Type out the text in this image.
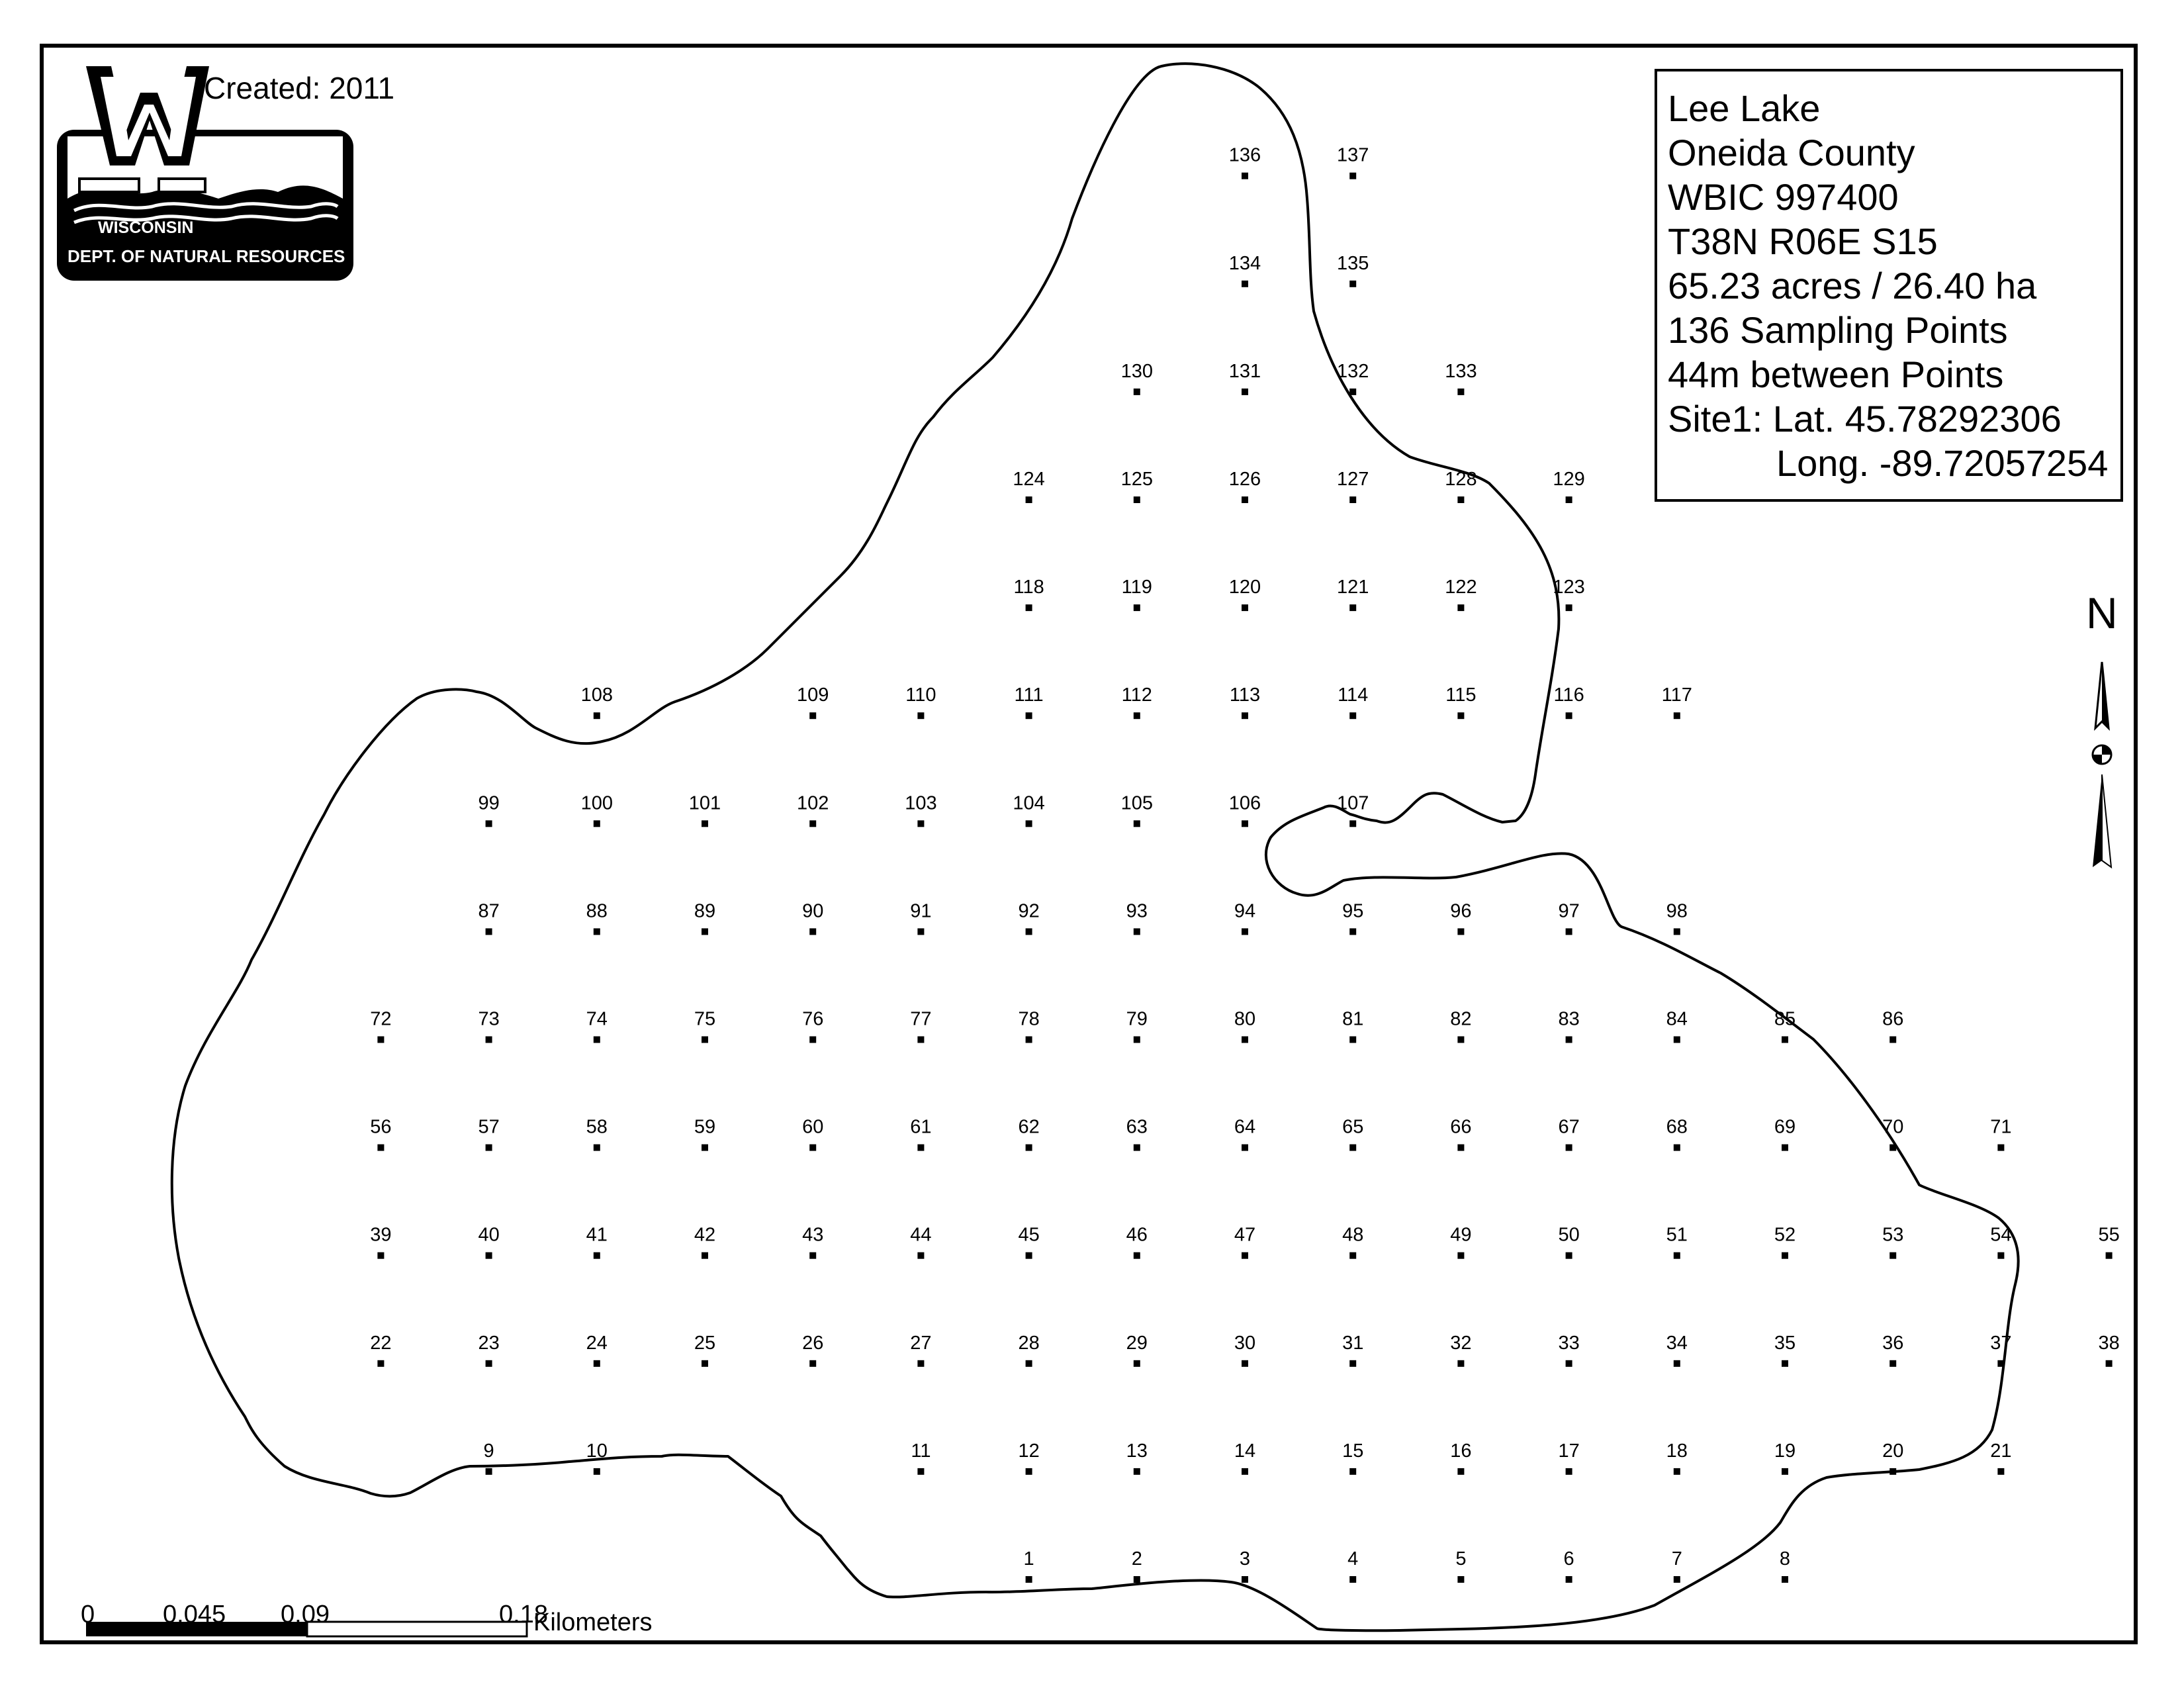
1	2	3	4	5	6	7	8
9	10	11	12	13	14	15	16	17	18	19	20	21
22	23	24	25	26	27	28	29	30	31	32	33	34	35	36	37	38
39	40	41	42	43	44	45	46	47	48	49	50	51	52	53	54	55
56	57	58	59	60	61	62	63	64	65	66	67	68	69	70	71
72	73	74	75	76	77	78	79	80	81	82	83	84	85	86
87	88	89	90	91	92	93	94	95	96	97	98
99	100	101	102	103	104	105	106	107
108	109	110	111	112	113	114	115	116	117
118	119	120	121	122	123
124	125	126	127	128	129
130	131	132	133
134	135
136	137
WISCONSIN
DEPT. OF NATURAL RESOURCES
Created: 2011	Lee Lake
Oneida County
WBIC 997400
T38N R06E S15
65.23 acres / 26.40 ha
136 Sampling Points
44m between Points
Site1: Lat. 45.78292306
Long. -89.72057254
0	0.045 0.09	0.18
Kilometers
N
